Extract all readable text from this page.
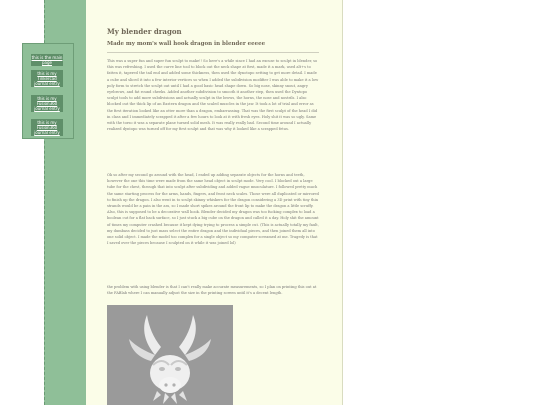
this is the main page
this is my Tinkercad journal entry
this is my Fusion360 journal entry
this is my Fusion360 journal entry
My blender dragon
Made my mom's wall hook dragon in blender eeeee

This was a super fun and super fun sculpt to make!! So here's a while since I had an excuse to sculpt in blender, so this was refreshing. I used the curve line tool to block out the neck shape at first, made it a mark, used alt+s to fatten it, tapered the tail end and added some thickness, then used the dynotopo setting to get more detail. I made a cube and sliced it into a few interior vertices so when I added the subdivision modifier I was able to make it a low poly form to stretch the sculpt out until I had a good basic head shape down. So big nose, skinny snout, angry eyebrows, and fat round cheeks. Added another subdivision to smooth it another step, then used the Dyntopo sculpt tools to add more subdivisions and actually sculpt in the brows, the horns, the nose and nostrils. I also blocked out the thick lip of an Eastern dragon and the scaled muscles in the jaw. It took a lot of trial and error as the first iteration looked like an otter more than a dragon, embarrassing. That was the first sculpt of the head I did in class and I immediately scrapped it after a few hours to look at it with fresh eyes. Holy shit it was so ugly. Same with the torso it was a separate plane turned solid mesh. It was really really bad. Second time around I actually realized dyntopo was turned off for my first sculpt and that was why it looked like a scrapped fetus.

Ok so after my second go around with the head, I ended up adding separate objects for the horns and teeth, however the one this time were made from the same head object in sculpt mode. Very cool. I blocked out a large tube for the chest, through that into sculpt after subdividing and added vague musculature. I followed pretty much the same starting process for the arms, hands, fingers, and front neck scales. Those were all duplicated or mirrored to finish up the dragon. I also went in to sculpt skinny whiskers for the dragon considering a 3D print with tiny thin strands would be a pain in the ass, so I made short spikes around the front lip to make the dragon a little scruffy. Also, this is supposed to be a decorative wall hook. Blender decided my dragon was too fucking complex to load a boolean cut for a flat back surface, so I just stuck a big cube on the dragon and called it a day. Holy shit the amount of times my computer crashed because it kept dying trying to process a simple cut. (This is actually totally my fault, my dumbass decided to just mass select the entire dragon and the individual pieces, and then joined them all into one solid object. I made the model too complex for a single object so my computer screamed at me. Tragedy is that I saved over the pieces because I sculpted on it while it was joined lol)

the problem with using blender is that I can't really make accurate measurements, so I plan on printing this out at the FABlab where I can manually adjust the size in the printing screen until it's a decent length.
